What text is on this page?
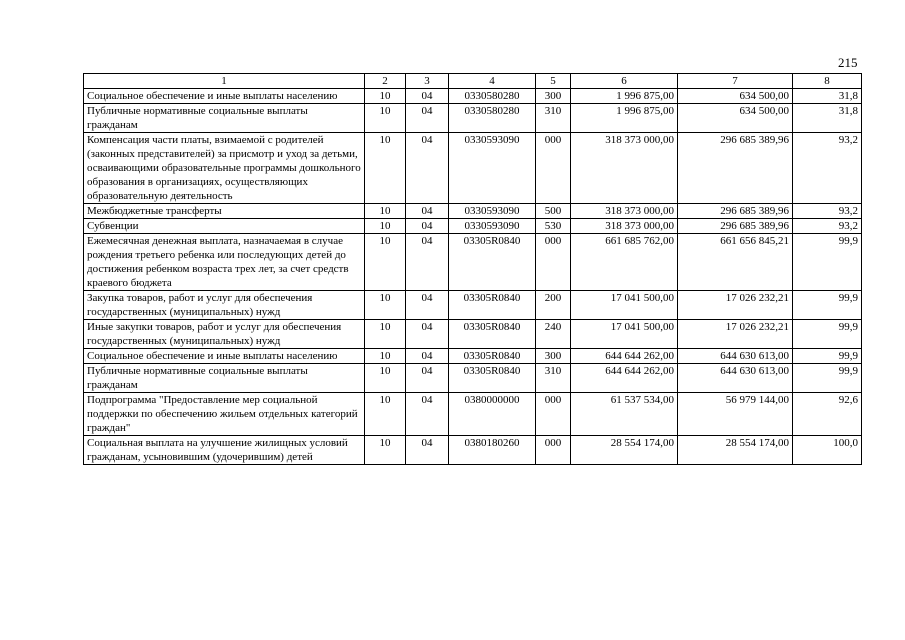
215
1	2	3	4	5	6	7	8
Социальное обеспечение и иные выплаты населению	10	04	0330580280	300	1 996 875,00	634 500,00	31,8
Публичные нормативные социальные выплаты гражданам	10	04	0330580280	310	1 996 875,00	634 500,00	31,8
Компенсация части платы, взимаемой с родителей (законных представителей) за присмотр и уход за детьми, осваивающими образовательные программы дошкольного образования в организациях, осуществляющих образовательную деятельность	10	04	0330593090	000	318 373 000,00	296 685 389,96	93,2
Межбюджетные трансферты	10	04	0330593090	500	318 373 000,00	296 685 389,96	93,2
Субвенции	10	04	0330593090	530	318 373 000,00	296 685 389,96	93,2
Ежемесячная денежная выплата, назначаемая в случае рождения третьего ребенка или последующих детей до достижения ребенком возраста трех лет, за счет средств краевого бюджета	10	04	03305R0840	000	661 685 762,00	661 656 845,21	99,9
Закупка товаров, работ и услуг для обеспечения государственных (муниципальных) нужд	10	04	03305R0840	200	17 041 500,00	17 026 232,21	99,9
Иные закупки товаров, работ и услуг для обеспечения государственных (муниципальных) нужд	10	04	03305R0840	240	17 041 500,00	17 026 232,21	99,9
Социальное обеспечение и иные выплаты населению	10	04	03305R0840	300	644 644 262,00	644 630 613,00	99,9
Публичные нормативные социальные выплаты гражданам	10	04	03305R0840	310	644 644 262,00	644 630 613,00	99,9
Подпрограмма "Предоставление мер социальной поддержки по обеспечению жильем отдельных категорий граждан"	10	04	0380000000	000	61 537 534,00	56 979 144,00	92,6
Социальная выплата на улучшение жилищных условий гражданам, усыновившим (удочерившим) детей	10	04	0380180260	000	28 554 174,00	28 554 174,00	100,0
